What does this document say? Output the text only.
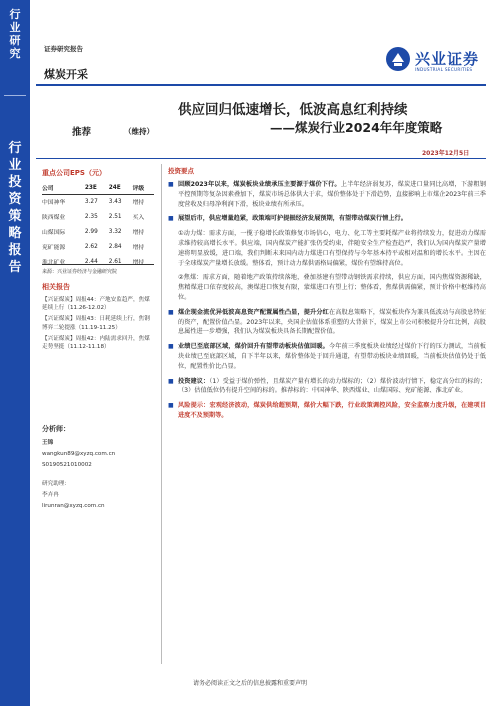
行
业
研
究
行
业
投
资
策
略
报
告
证券研究报告
煤炭开采
兴业证券
INDUSTRIAL SECURITIES
供应回归低速增长，低波高息红利持续
——煤炭行业2024年年度策略
推荐	（维持）
2023年12月5日
重点公司EPS（元）
公司	23E	24E	评级
中国神华	3.27	3.43	增持
陕西煤业	2.35	2.51	买入
山煤国际	2.99	3.32	增持
兖矿能源	2.62	2.84	增持
淮北矿业	2.44	2.61	增持
来源：兴业证券经济与金融研究院
相关报告
【兴证煤炭】周报44：产地安监趋严，焦煤延续上行（11.26-12.02）
【兴证煤炭】周报43：日耗延续上行，焦钢博弈二轮提涨（11.19-11.25）
【兴证煤炭】周报42：内陆需求回升，焦煤走势坚挺（11.12-11.18）
分析师：
王锦
wangkun89@xyzq.com.cn
S0190521010002
研究助理：
李卉冉
lirunran@xyzq.com.cn
投资要点
■ 回顾2023年以来，煤炭板块业绩承压主要源于煤价下行。上半年经济弱复苏，煤炭进口量同比高增，下游粗钢平控预期等复杂因素叠加下，煤炭市场总体供大于求，煤价整体处于下滑趋势，直接影响上市煤企2023年前三季度营收及归母净利润下滑，板块业绩有所承压。
■ 展望后市，供应增量趋紧，政策端可护提振经济发展预期，有望带动煤炭行情上行。
①动力煤：需求方面，一揽子稳增长政策修复市场信心，电力、化工等主要耗煤产业将持续发力，促进动力煤需求维持较高增长水平。供应端，国内煤炭产能扩张仍受约束，伴随安全生产检查趋严，我们认为国内煤炭产量增速将明显放缓，进口端，我们判断未来国内动力煤进口有望保持与今年基本持平或相对温和的增长水平。主因在于全球煤炭产量增长放缓。整体看，预计动力煤供需格局偏紧，煤价有望维持高位。
②焦煤：需求方面，随着地产政策持续落地，叠加基建有望带动钢铁需求持续，供应方面，国内焦煤资源稀缺，焦精煤进口依存度较高，澳煤进口恢复有限，蒙煤进口有望上行；整体看，焦煤供需偏紧，预计价格中枢维持高位。
■ 煤企现金流优异低波高息资产配置属性凸显，提升分红在高股息策略下，煤炭板块作为兼具低波动与高股息特征的资产，配置价值凸显。2023年以来，央国企估值体系重塑的大背景下，煤炭上市公司积极提升分红比例，高股息属性进一步增强，我们认为煤炭板块具备长期配置价值。
■ 业绩已至底部区域，煤价回升有望带动板块估值回暖。今年前三季度板块业绩经过煤价下行的压力测试，当前板块业绩已至底部区域，自下半年以来，煤价整体处于回升通道，有望带动板块业绩回暖，当前板块估值仍处于低位，配置性价比凸显。
■ 投资建议：（1）受益于煤价弹性，且煤炭产量有增长的动力煤标的；（2）煤价波动行情下，稳定高分红的标的；（3）估值低位仍有提升空间的标的。推荐标的：中国神华、陕西煤业、山煤国际、兖矿能源、淮北矿业。
■ 风险提示：宏观经济波动，煤炭供给超预期，煤价大幅下跌，行业政策调控风险，安全监察力度升级，在建项目进度不及预期等。
请务必阅读正文之后的信息披露和重要声明
